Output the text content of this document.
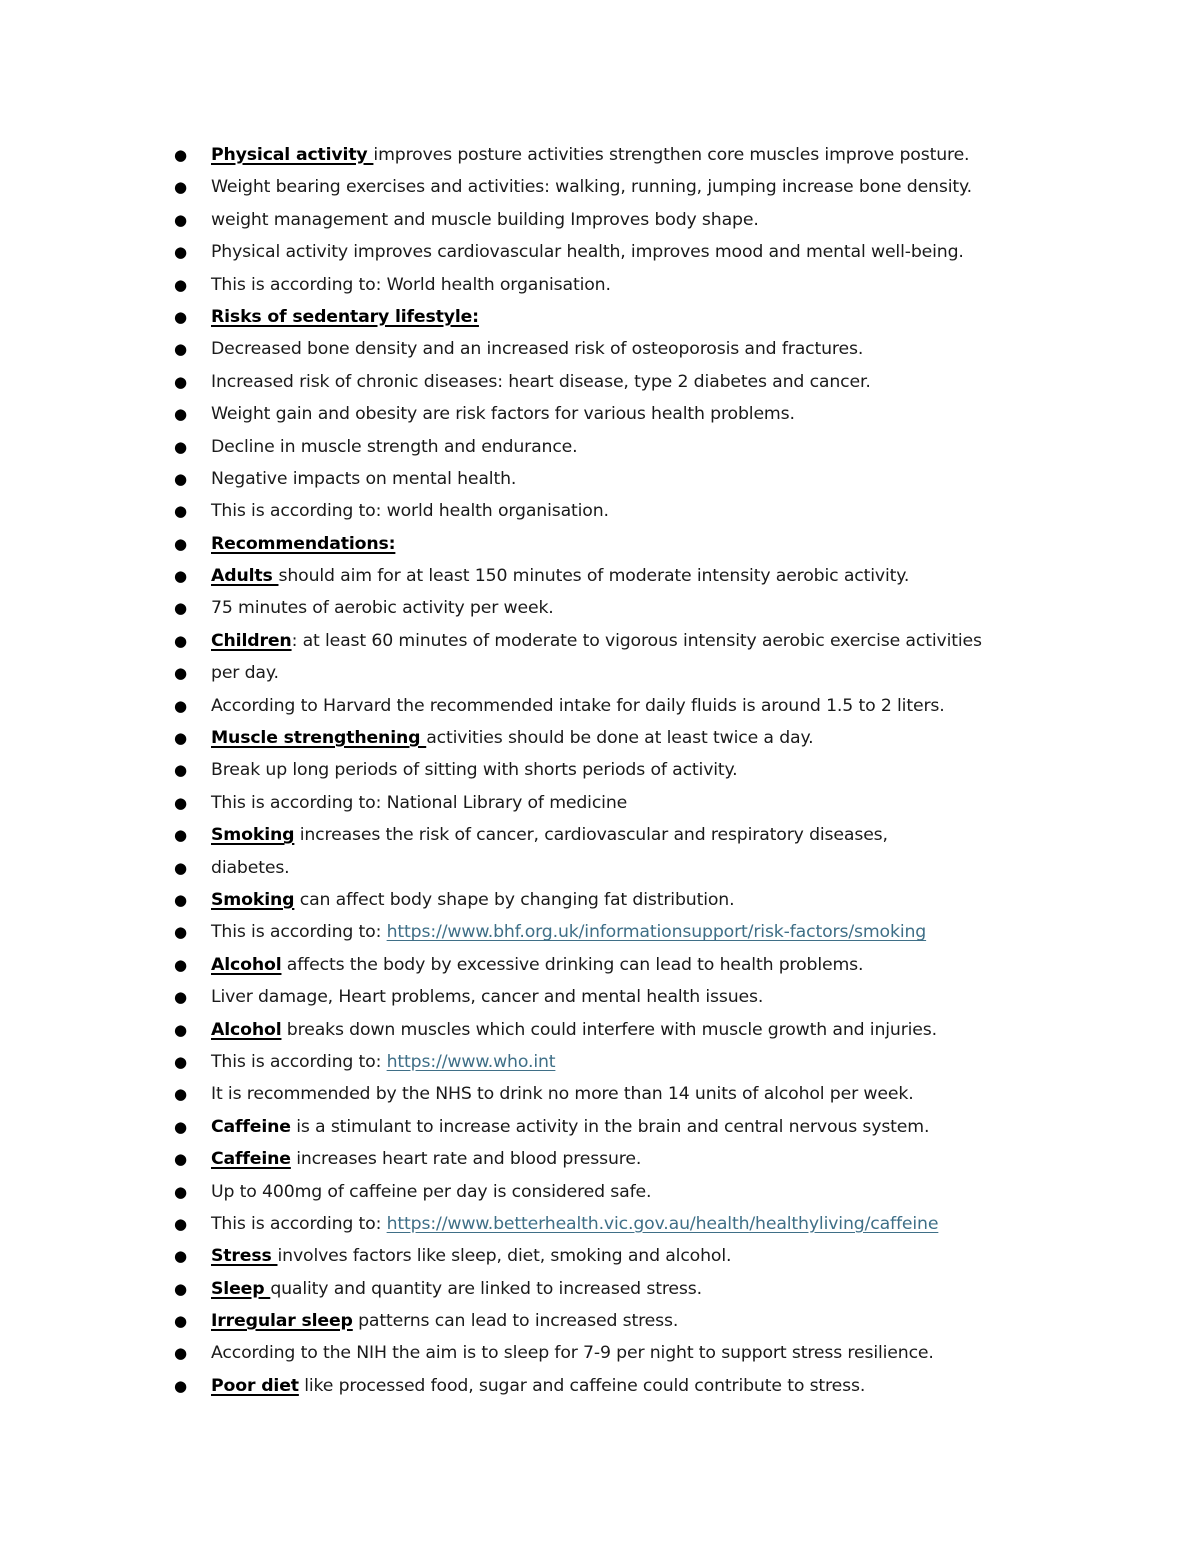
● Physical activity improves posture activities strengthen core muscles improve posture.
● Weight bearing exercises and activities: walking, running, jumping increase bone density.
● weight management and muscle building Improves body shape.
● Physical activity improves cardiovascular health, improves mood and mental well-being.
● This is according to: World health organisation.
● Risks of sedentary lifestyle:
● Decreased bone density and an increased risk of osteoporosis and fractures.
● Increased risk of chronic diseases: heart disease, type 2 diabetes and cancer.
● Weight gain and obesity are risk factors for various health problems.
● Decline in muscle strength and endurance.
● Negative impacts on mental health.
● This is according to: world health organisation.
● Recommendations:
● Adults should aim for at least 150 minutes of moderate intensity aerobic activity.
● 75 minutes of aerobic activity per week.
● Children: at least 60 minutes of moderate to vigorous intensity aerobic exercise activities
● per day.
● According to Harvard the recommended intake for daily fluids is around 1.5 to 2 liters.
● Muscle strengthening activities should be done at least twice a day.
● Break up long periods of sitting with shorts periods of activity.
● This is according to: National Library of medicine
● Smoking increases the risk of cancer, cardiovascular and respiratory diseases,
● diabetes.
● Smoking can affect body shape by changing fat distribution.
● This is according to: https://www.bhf.org.uk/informationsupport/risk-factors/smoking
● Alcohol affects the body by excessive drinking can lead to health problems.
● Liver damage, Heart problems, cancer and mental health issues.
● Alcohol breaks down muscles which could interfere with muscle growth and injuries.
● This is according to: https://www.who.int
● It is recommended by the NHS to drink no more than 14 units of alcohol per week.
● Caffeine is a stimulant to increase activity in the brain and central nervous system.
● Caffeine increases heart rate and blood pressure.
● Up to 400mg of caffeine per day is considered safe.
● This is according to: https://www.betterhealth.vic.gov.au/health/healthyliving/caffeine
● Stress involves factors like sleep, diet, smoking and alcohol.
● Sleep quality and quantity are linked to increased stress.
● Irregular sleep patterns can lead to increased stress.
● According to the NIH the aim is to sleep for 7-9 per night to support stress resilience.
● Poor diet like processed food, sugar and caffeine could contribute to stress.
